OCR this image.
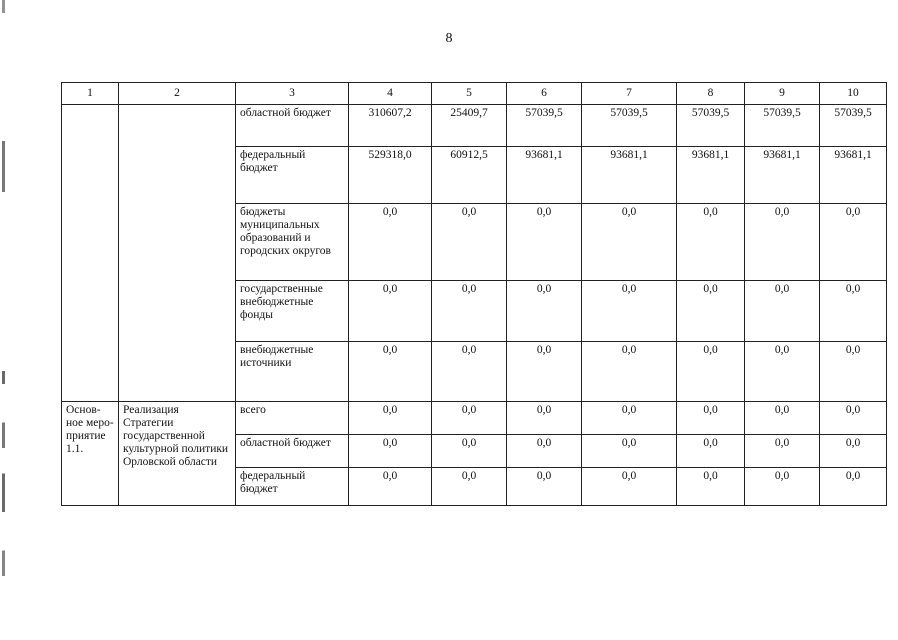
8
1	2	3	4	5	6	7	8	9	10
		областной бюджет	310607,2	25409,7	57039,5	57039,5	57039,5	57039,5	57039,5
		федеральный бюджет	529318,0	60912,5	93681,1	93681,1	93681,1	93681,1	93681,1
		бюджеты муниципальных образований и городских округов	0,0	0,0	0,0	0,0	0,0	0,0	0,0
		государственные внебюджетные фонды	0,0	0,0	0,0	0,0	0,0	0,0	0,0
		внебюджетные источники	0,0	0,0	0,0	0,0	0,0	0,0	0,0
Основ-ное меро-приятие 1.1.	Реализация Стратегии государственной культурной политики Орловской области	всего	0,0	0,0	0,0	0,0	0,0	0,0	0,0
		областной бюджет	0,0	0,0	0,0	0,0	0,0	0,0	0,0
		федеральный бюджет	0,0	0,0	0,0	0,0	0,0	0,0	0,0
